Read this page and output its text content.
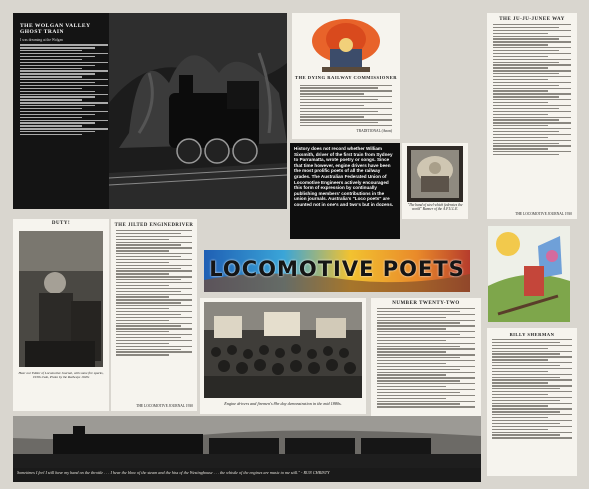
THE WOLGAN VALLEY GHOST TRAIN
I was dreaming at the Wolgan
THE DYING RAILWAY COMMISSIONER
TRADITIONAL (Anon)
THE JU-JU-JUNEE WAY
THE LOCOMOTIVE JOURNAL 1930
History does not record whether William Sixsmith, driver of the first train from Sydney to Parramatta, wrote poetry or songs. Since that time however, engine drivers have been the most prolific poets of all the railway grades. The Australian Federated Union of Locomotive Engineers actively encouraged this form of expression by continually publishing members' contributions in the union journals. Australia's "Loco poets" are counted not in one's and two's but in dozens.	"The band of steel which federates the world" Banner of the A.F.U.L.E.
DUTY!
Hear our Editor of Locomotive Journal, with some fire sparks, 1930s train, Photo by the Railways 1920s
THE JILTED ENGINEDRIVER
THE LOCOMOTIVE JOURNAL 1930
LOCOMOTIVE POETS
Engine drivers and firemen's 8hr day demonstration in the mid 1880s.
NUMBER TWENTY-TWO
BILLY SHERMAN
Sometimes I feel I still have my hand on the throttle . . . I hear the blow of the steam and the hiss of the Westinghouse . . . the whistle of the engines are music to me still." - RUN CHRISTY
